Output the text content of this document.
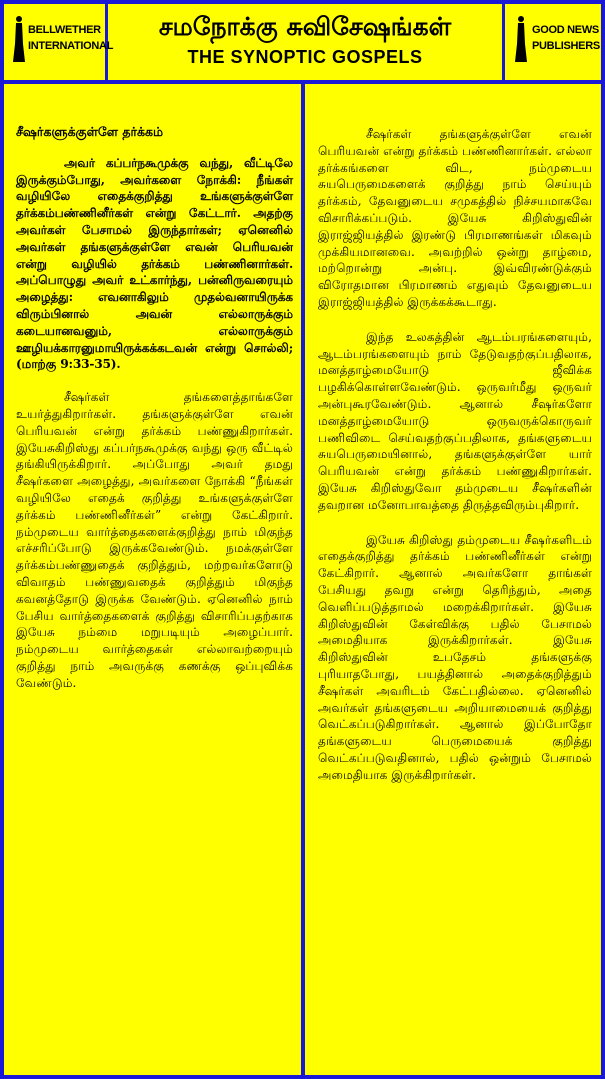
BELLWETHER
INTERNATIONAL
சமநோக்கு சுவிசேஷங்கள்
THE SYNOPTIC GOSPELS
GOOD NEWS
PUBLISHERS
சீஷர்களுக்குள்ளே தர்க்கம்
அவர் கப்பர்நகூமுக்கு வந்து, வீட்டிலே இருக்கும்போது, அவர்களை நோக்கி: நீங்கள் வழியிலே எதைக்குறித்து உங்களுக்குள்ளே தர்க்கம்பண்ணினீர்கள் என்று கேட்டார். அதற்கு அவர்கள் பேசாமல் இருந்தார்கள்; ஏனெனில் அவர்கள் தங்களுக்குள்ளே எவன் பெரியவன் என்று வழியில் தர்க்கம் பண்ணினார்கள். அப்பொழுது அவர் உட்கார்ந்து, பன்னிருவரையும் அழைத்து: எவனாகிலும் முதல்வனாயிருக்க விரும்பினால் அவன் எல்லாருக்கும் கடையானவனும், எல்லாருக்கும் ஊழியக்காரனுமாயிருக்கக்கடவன் என்று சொல்லி; (மாற்கு 9:33-35).
சீஷர்கள் தங்களைத்தாங்களே உயர்த்துகிறார்கள். தங்களுக்குள்ளே எவன் பெரியவன் என்று தர்க்கம் பண்ணுகிறார்கள். இயேசுகிறிஸ்து கப்பர்நகூமுக்கு வந்து ஒரு வீட்டில் தங்கியிருக்கிறார். அப்போது அவர் தமது சீஷர்களை அழைத்து, அவர்களை நோக்கி “நீங்கள் வழியிலே எதைக் குறித்து உங்களுக்குள்ளே தர்க்கம் பண்ணினீர்கள்” என்று கேட்கிறார். நம்முடைய வார்த்தைகளைக்குறித்து நாம் மிகுந்த எச்சரிப்போடு இருக்கவேண்டும். நமக்குள்ளே தர்க்கம்பண்ணுதைக் குறித்தும், மற்றவர்களோடு விவாதம் பண்ணுவதைக் குறித்தும் மிகுந்த கவனத்தோடு இருக்க வேண்டும். ஏனெனில் நாம் பேசிய வார்த்தைகளைக் குறித்து விசாரிப்பதற்காக இயேசு நம்மை மறுபடியும் அழைப்பார். நம்முடைய வார்த்தைகள் எல்லாவற்றையும் குறித்து நாம் அவருக்கு கணக்கு ஒப்புவிக்க வேண்டும்.
சீஷர்கள் தங்களுக்குள்ளே எவன் பெரியவன் என்று தர்க்கம் பண்ணினார்கள். எல்லா தர்க்கங்களை விட, நம்முடைய சுயபெருமைகளைக் குறித்து நாம் செய்யும் தர்க்கம், தேவனுடைய சமுகத்தில் நிச்சயமாகவே விசாரிக்கப்படும். இயேசு கிறிஸ்துவின் இராஜ்ஜியத்தில் இரண்டு பிரமாணங்கள் மிகவும் முக்கியமானவை. அவற்றில் ஒன்று தாழ்மை, மற்றொன்று அன்பு. இவ்விரண்டுக்கும் விரோதமான பிரமாணம் எதுவும் தேவனுடைய இராஜ்ஜியத்தில் இருக்கக்கூடாது.
இந்த உலகத்தின் ஆடம்பரங்களையும், ஆடம்பரங்களையும் நாம் தேடுவதற்குப்பதிலாக, மனத்தாழ்மையோடு ஜீவிக்க பழகிக்கொள்ளவேண்டும். ஒருவர்மீது ஒருவர் அன்புகூரவேண்டும். ஆனால் சீஷர்களோ மனத்தாழ்மையோடு ஒருவருக்கொருவர் பணிவிடை செய்வதற்குப்பதிலாக, தங்களுடைய சுயபெருமையினால், தங்களுக்குள்ளே யார் பெரியவன் என்று தர்க்கம் பண்ணுகிறார்கள். இயேசு கிறிஸ்துவோ தம்முடைய சீஷர்களின் தவறான மனோபாவத்தை திருத்தவிரும்புகிறார்.
இயேசு கிறிஸ்து தம்முடைய சீஷர்களிடம் எதைக்குறித்து தர்க்கம் பண்ணினீர்கள் என்று கேட்கிறார். ஆனால் அவர்களோ தாங்கள் பேசியது தவறு என்று தெரிந்தும், அதை வெளிப்படுத்தாமல் மறைக்கிறார்கள். இயேசு கிறிஸ்துவின் கேள்விக்கு பதில் பேசாமல் அமைதியாக இருக்கிறார்கள். இயேசு கிறிஸ்துவின் உபதேசம் தங்களுக்கு புரியாதபோது, பயத்தினால் அதைக்குறித்தும் சீஷர்கள் அவரிடம் கேட்பதில்லை. ஏனெனில் அவர்கள் தங்களுடைய அறியாமையைக் குறித்து வெட்கப்படுகிறார்கள். ஆனால் இப்போதோ தங்களுடைய பெருமையைக் குறித்து வெட்கப்படுவதினால், பதில் ஒன்றும் பேசாமல் அமைதியாக இருக்கிறார்கள்.
